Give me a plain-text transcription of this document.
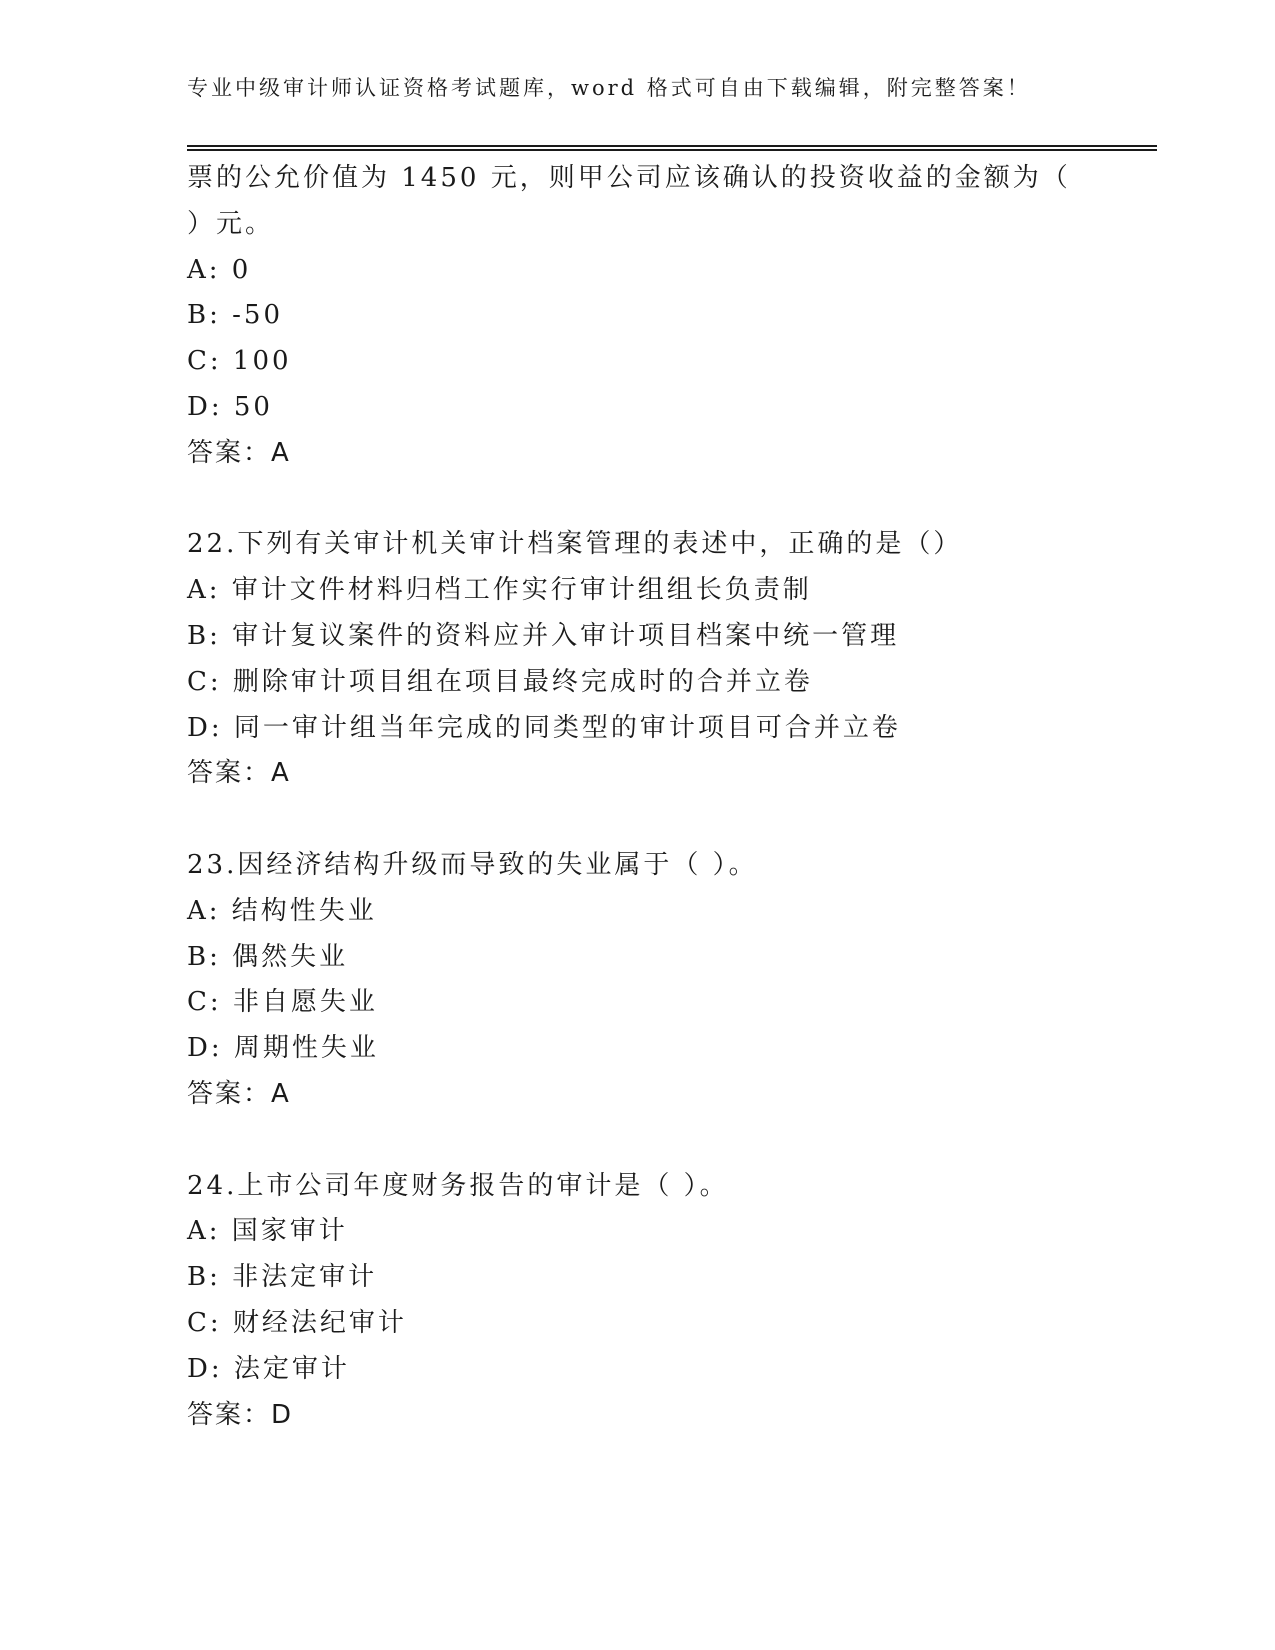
专业中级审计师认证资格考试题库，word 格式可自由下载编辑，附完整答案！
票的公允价值为 1450 元，则甲公司应该确认的投资收益的金额为（
）元。
A: 0
B: -50
C: 100
D: 50
答案：A
22.下列有关审计机关审计档案管理的表述中，正确的是（）
A: 审计文件材料归档工作实行审计组组长负责制
B: 审计复议案件的资料应并入审计项目档案中统一管理
C: 删除审计项目组在项目最终完成时的合并立卷
D: 同一审计组当年完成的同类型的审计项目可合并立卷
答案：A
23.因经济结构升级而导致的失业属于（ ）。
A: 结构性失业
B: 偶然失业
C: 非自愿失业
D: 周期性失业
答案：A
24.上市公司年度财务报告的审计是（ ）。
A: 国家审计
B: 非法定审计
C: 财经法纪审计
D: 法定审计
答案：D
